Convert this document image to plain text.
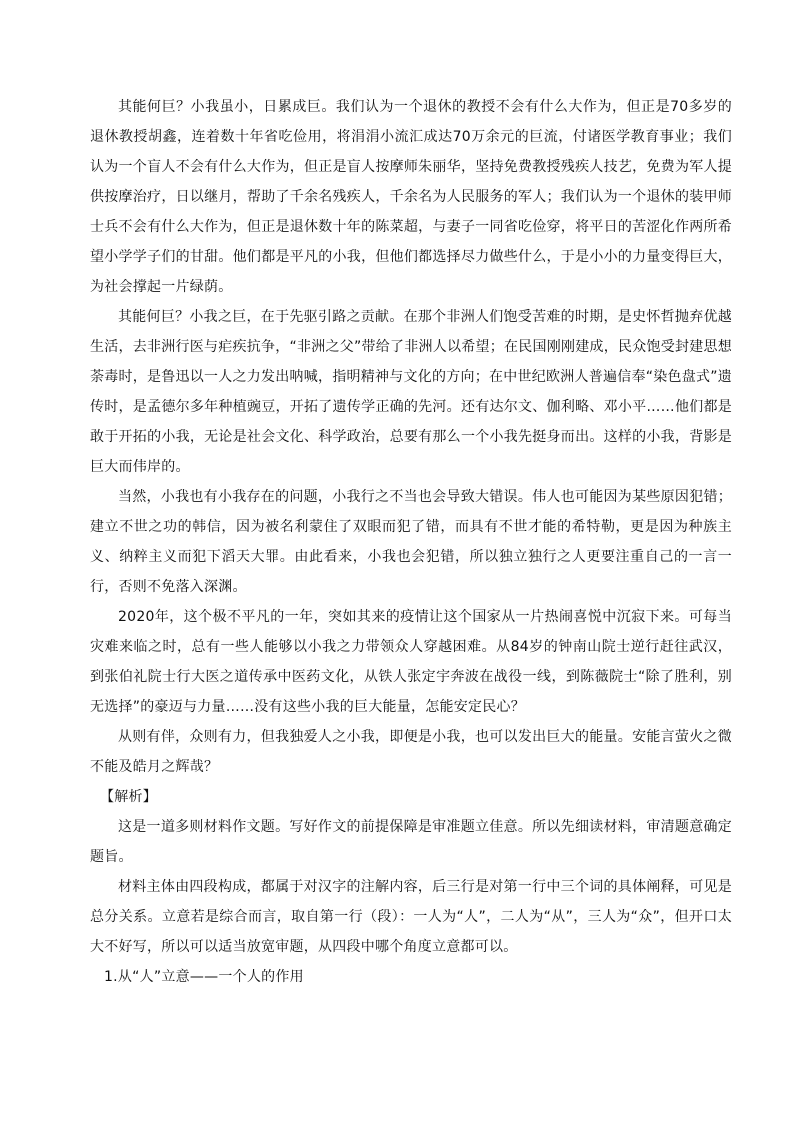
其能何巨？小我虽小，日累成巨。我们认为一个退休的教授不会有什么大作为，但正是70多岁的退休教授胡鑫，连着数十年省吃俭用，将涓涓小流汇成达70万余元的巨流，付诸医学教育事业；我们认为一个盲人不会有什么大作为，但正是盲人按摩师朱丽华，坚持免费教授残疾人技艺，免费为军人提供按摩治疗，日以继月，帮助了千余名残疾人，千余名为人民服务的军人；我们认为一个退休的装甲师士兵不会有什么大作为，但正是退休数十年的陈菜超，与妻子一同省吃俭穿，将平日的苦涩化作两所希望小学学子们的甘甜。他们都是平凡的小我，但他们都选择尽力做些什么，于是小小的力量变得巨大，为社会撑起一片绿荫。

其能何巨？小我之巨，在于先驱引路之贡献。在那个非洲人们饱受苦难的时期，是史怀哲抛弃优越生活，去非洲行医与疟疾抗争，“非洲之父”带给了非洲人以希望；在民国刚刚建成，民众饱受封建思想荼毒时，是鲁迅以一人之力发出呐喊，指明精神与文化的方向；在中世纪欧洲人普遍信奉“染色盘式”遗传时，是孟德尔多年种植豌豆，开拓了遗传学正确的先河。还有达尔文、伽利略、邓小平……他们都是敢于开拓的小我，无论是社会文化、科学政治，总要有那么一个小我先挺身而出。这样的小我，背影是巨大而伟岸的。

当然，小我也有小我存在的问题，小我行之不当也会导致大错误。伟人也可能因为某些原因犯错；建立不世之功的韩信，因为被名利蒙住了双眼而犯了错，而具有不世才能的希特勒，更是因为种族主义、纳粹主义而犯下滔天大罪。由此看来，小我也会犯错，所以独立独行之人更要注重自己的一言一行，否则不免落入深渊。

2020年，这个极不平凡的一年，突如其来的疫情让这个国家从一片热闹喜悦中沉寂下来。可每当灾难来临之时，总有一些人能够以小我之力带领众人穿越困难。从84岁的钟南山院士逆行赶往武汉，到张伯礼院士行大医之道传承中医药文化，从铁人张定宇奔波在战役一线，到陈薇院士“除了胜利，别无选择”的豪迈与力量……没有这些小我的巨大能量，怎能安定民心？

从则有伴，众则有力，但我独爱人之小我，即便是小我，也可以发出巨大的能量。安能言萤火之微不能及皓月之辉哉？

【解析】

这是一道多则材料作文题。写好作文的前提保障是审准题立佳意。所以先细读材料，审清题意确定题旨。

材料主体由四段构成，都属于对汉字的注解内容，后三行是对第一行中三个词的具体阐释，可见是总分关系。立意若是综合而言，取自第一行（段）：一人为“人”，二人为“从”，三人为“众”，但开口太大不好写，所以可以适当放宽审题，从四段中哪个角度立意都可以。

1.从“人”立意——一个人的作用
